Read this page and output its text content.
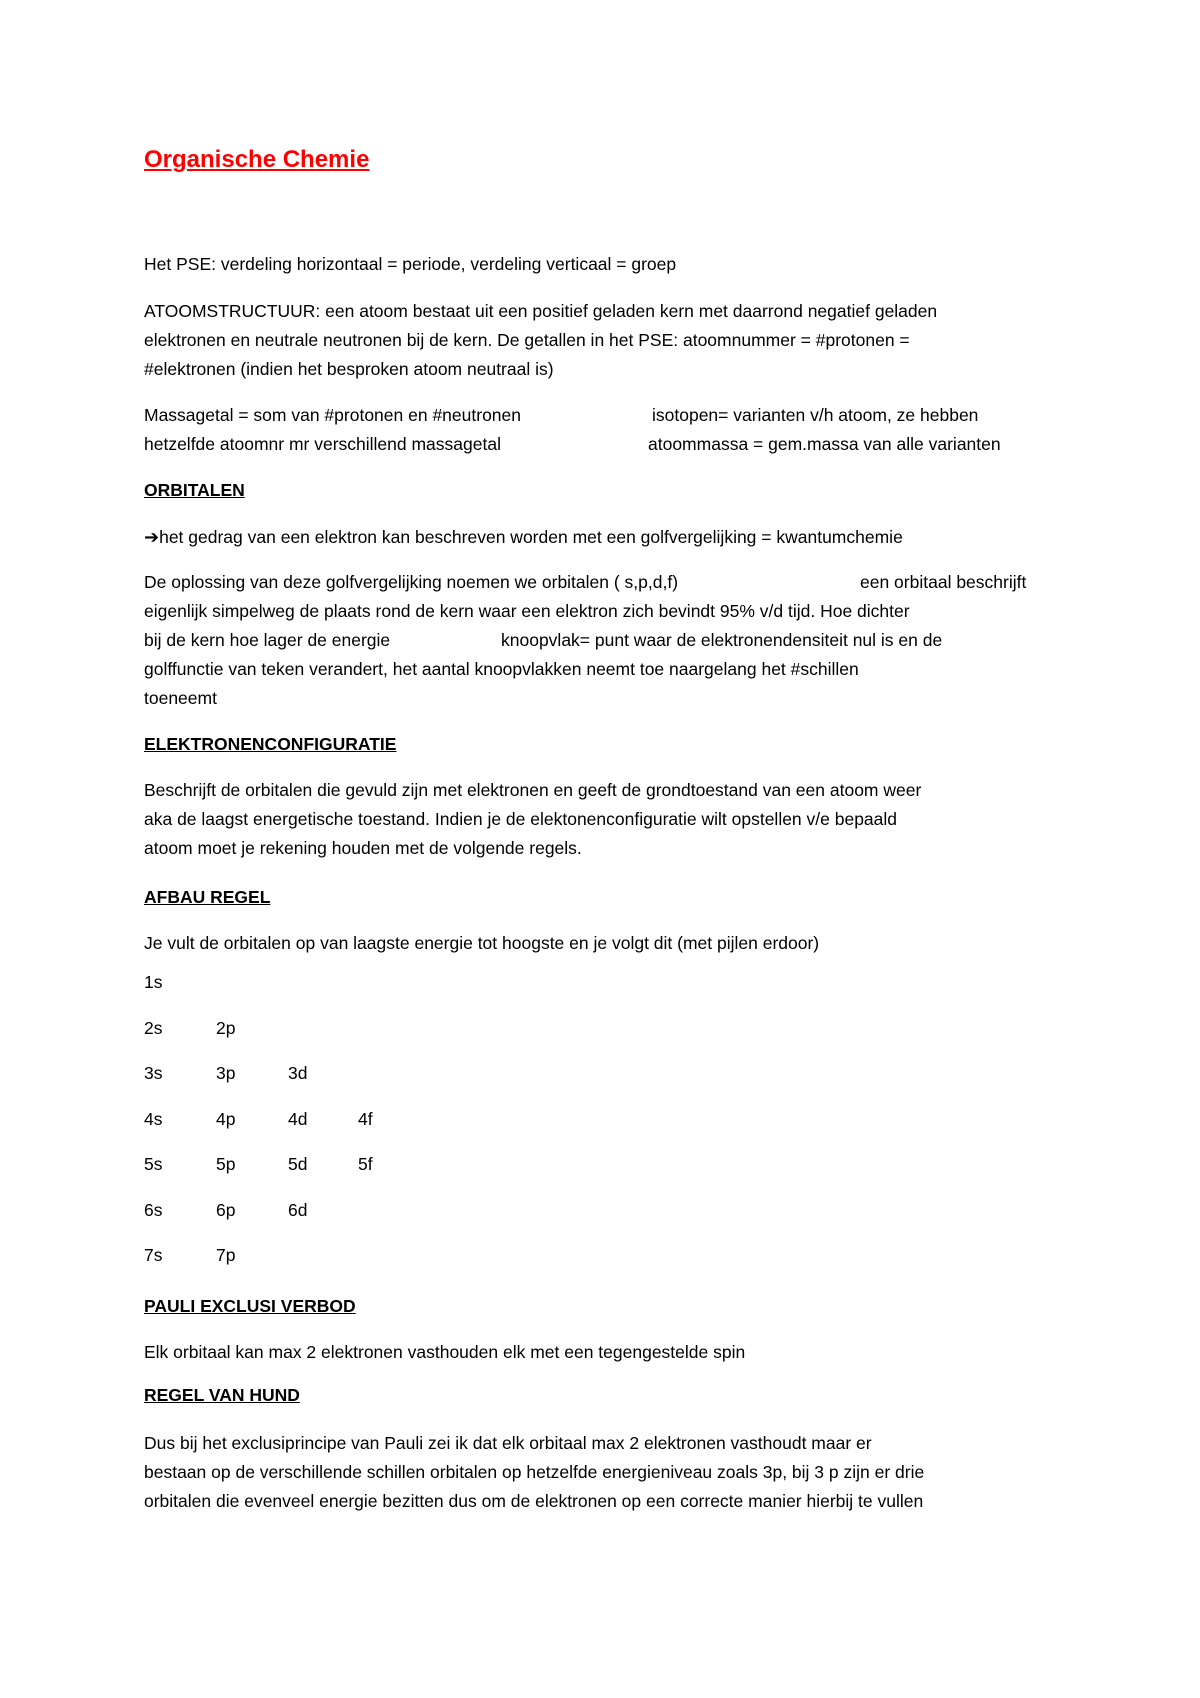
Organische Chemie
Het PSE: verdeling horizontaal = periode, verdeling verticaal = groep
ATOOMSTRUCTUUR: een atoom bestaat uit een positief geladen kern met daarrond negatief geladen
elektronen en neutrale neutronen bij de kern. De getallen in het PSE: atoomnummer = #protonen =
#elektronen (indien het besproken atoom neutraal is)
Massagetal = som van #protonen en #neutronen	isotopen= varianten v/h atoom, ze hebben
hetzelfde atoomnr mr verschillend massagetal	atoommassa = gem.massa van alle varianten
ORBITALEN
➔het gedrag van een elektron kan beschreven worden met een golfvergelijking = kwantumchemie
De oplossing van deze golfvergelijking noemen we orbitalen ( s,p,d,f)	een orbitaal beschrijft
eigenlijk simpelweg de plaats rond de kern waar een elektron zich bevindt 95% v/d tijd. Hoe dichter
bij de kern hoe lager de energie	knoopvlak= punt waar de elektronendensiteit nul is en de
golffunctie van teken verandert, het aantal knoopvlakken neemt toe naargelang het #schillen
toeneemt
ELEKTRONENCONFIGURATIE
Beschrijft de orbitalen die gevuld zijn met elektronen en geeft de grondtoestand van een atoom weer
aka de laagst energetische toestand. Indien je de elektonenconfiguratie wilt opstellen v/e bepaald
atoom moet je rekening houden met de volgende regels.
AFBAU REGEL
Je vult de orbitalen op van laagste energie tot hoogste en je volgt dit (met pijlen erdoor)
1s
2s	2p
3s	3p	3d
4s	4p	4d	4f
5s	5p	5d	5f
6s	6p	6d
7s	7p
PAULI EXCLUSI VERBOD
Elk orbitaal kan max 2 elektronen vasthouden elk met een tegengestelde spin
REGEL VAN HUND
Dus bij het exclusiprincipe van Pauli zei ik dat elk orbitaal max 2 elektronen vasthoudt maar er
bestaan op de verschillende schillen orbitalen op hetzelfde energieniveau zoals 3p, bij 3 p zijn er drie
orbitalen die evenveel energie bezitten dus om de elektronen op een correcte manier hierbij te vullen
